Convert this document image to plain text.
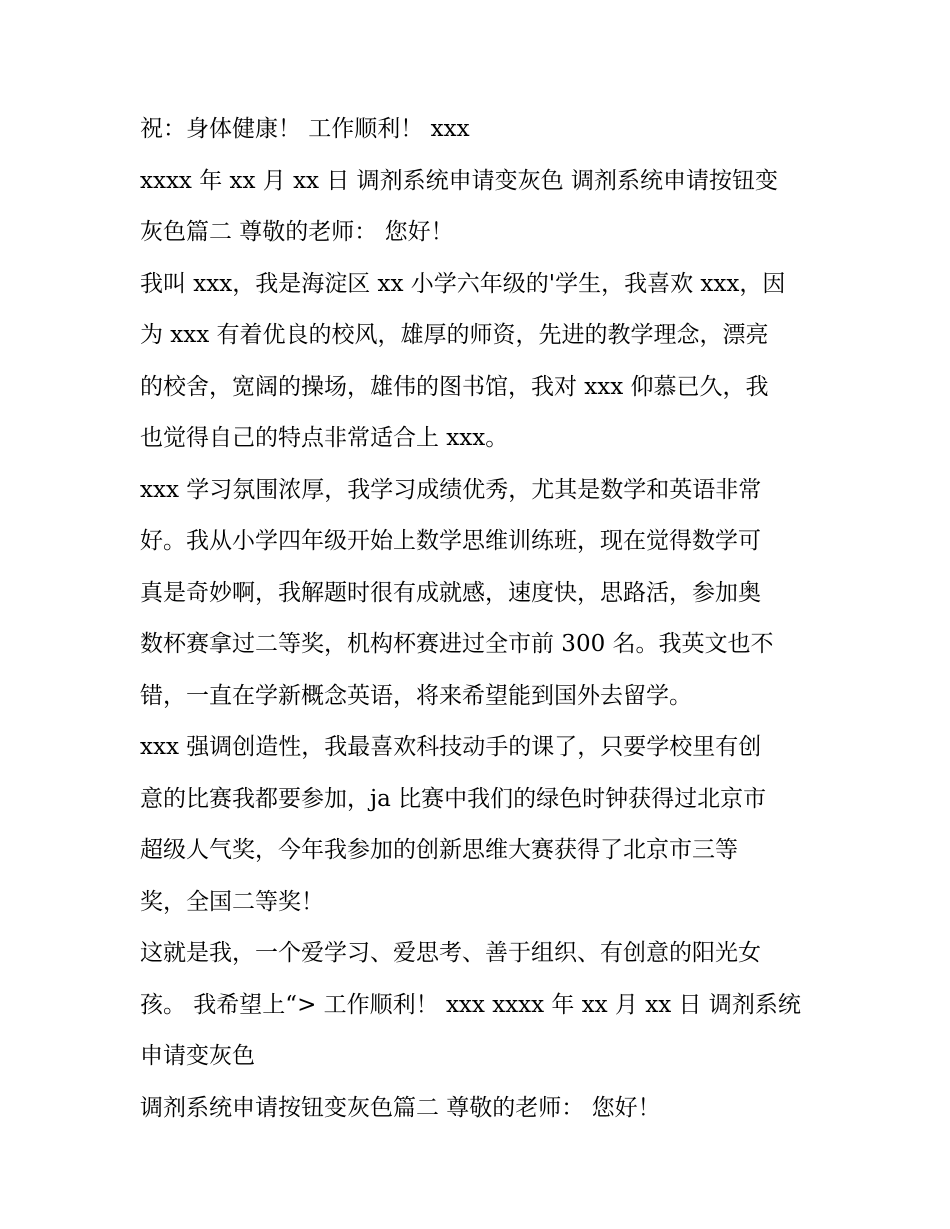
祝：身体健康！ 工作顺利！ xxx
xxxx 年 xx 月 xx 日 调剂系统申请变灰色 调剂系统申请按钮变
灰色篇二 尊敬的老师： 您好！
我叫 xxx，我是海淀区 xx 小学六年级的'学生，我喜欢 xxx，因
为 xxx 有着优良的校风，雄厚的师资，先进的教学理念，漂亮
的校舍，宽阔的操场，雄伟的图书馆，我对 xxx 仰慕已久，我
也觉得自己的特点非常适合上 xxx。
xxx 学习氛围浓厚，我学习成绩优秀，尤其是数学和英语非常
好。我从小学四年级开始上数学思维训练班，现在觉得数学可
真是奇妙啊，我解题时很有成就感，速度快，思路活，参加奥
数杯赛拿过二等奖，机构杯赛进过全市前 300 名。我英文也不
错，一直在学新概念英语，将来希望能到国外去留学。
xxx 强调创造性，我最喜欢科技动手的课了，只要学校里有创
意的比赛我都要参加，ja 比赛中我们的绿色时钟获得过北京市
超级人气奖，今年我参加的创新思维大赛获得了北京市三等
奖，全国二等奖！
这就是我，一个爱学习、爱思考、善于组织、有创意的阳光女
孩。 我希望上“> 工作顺利！ xxx xxxx 年 xx 月 xx 日 调剂系统
申请变灰色
调剂系统申请按钮变灰色篇二 尊敬的老师： 您好！
